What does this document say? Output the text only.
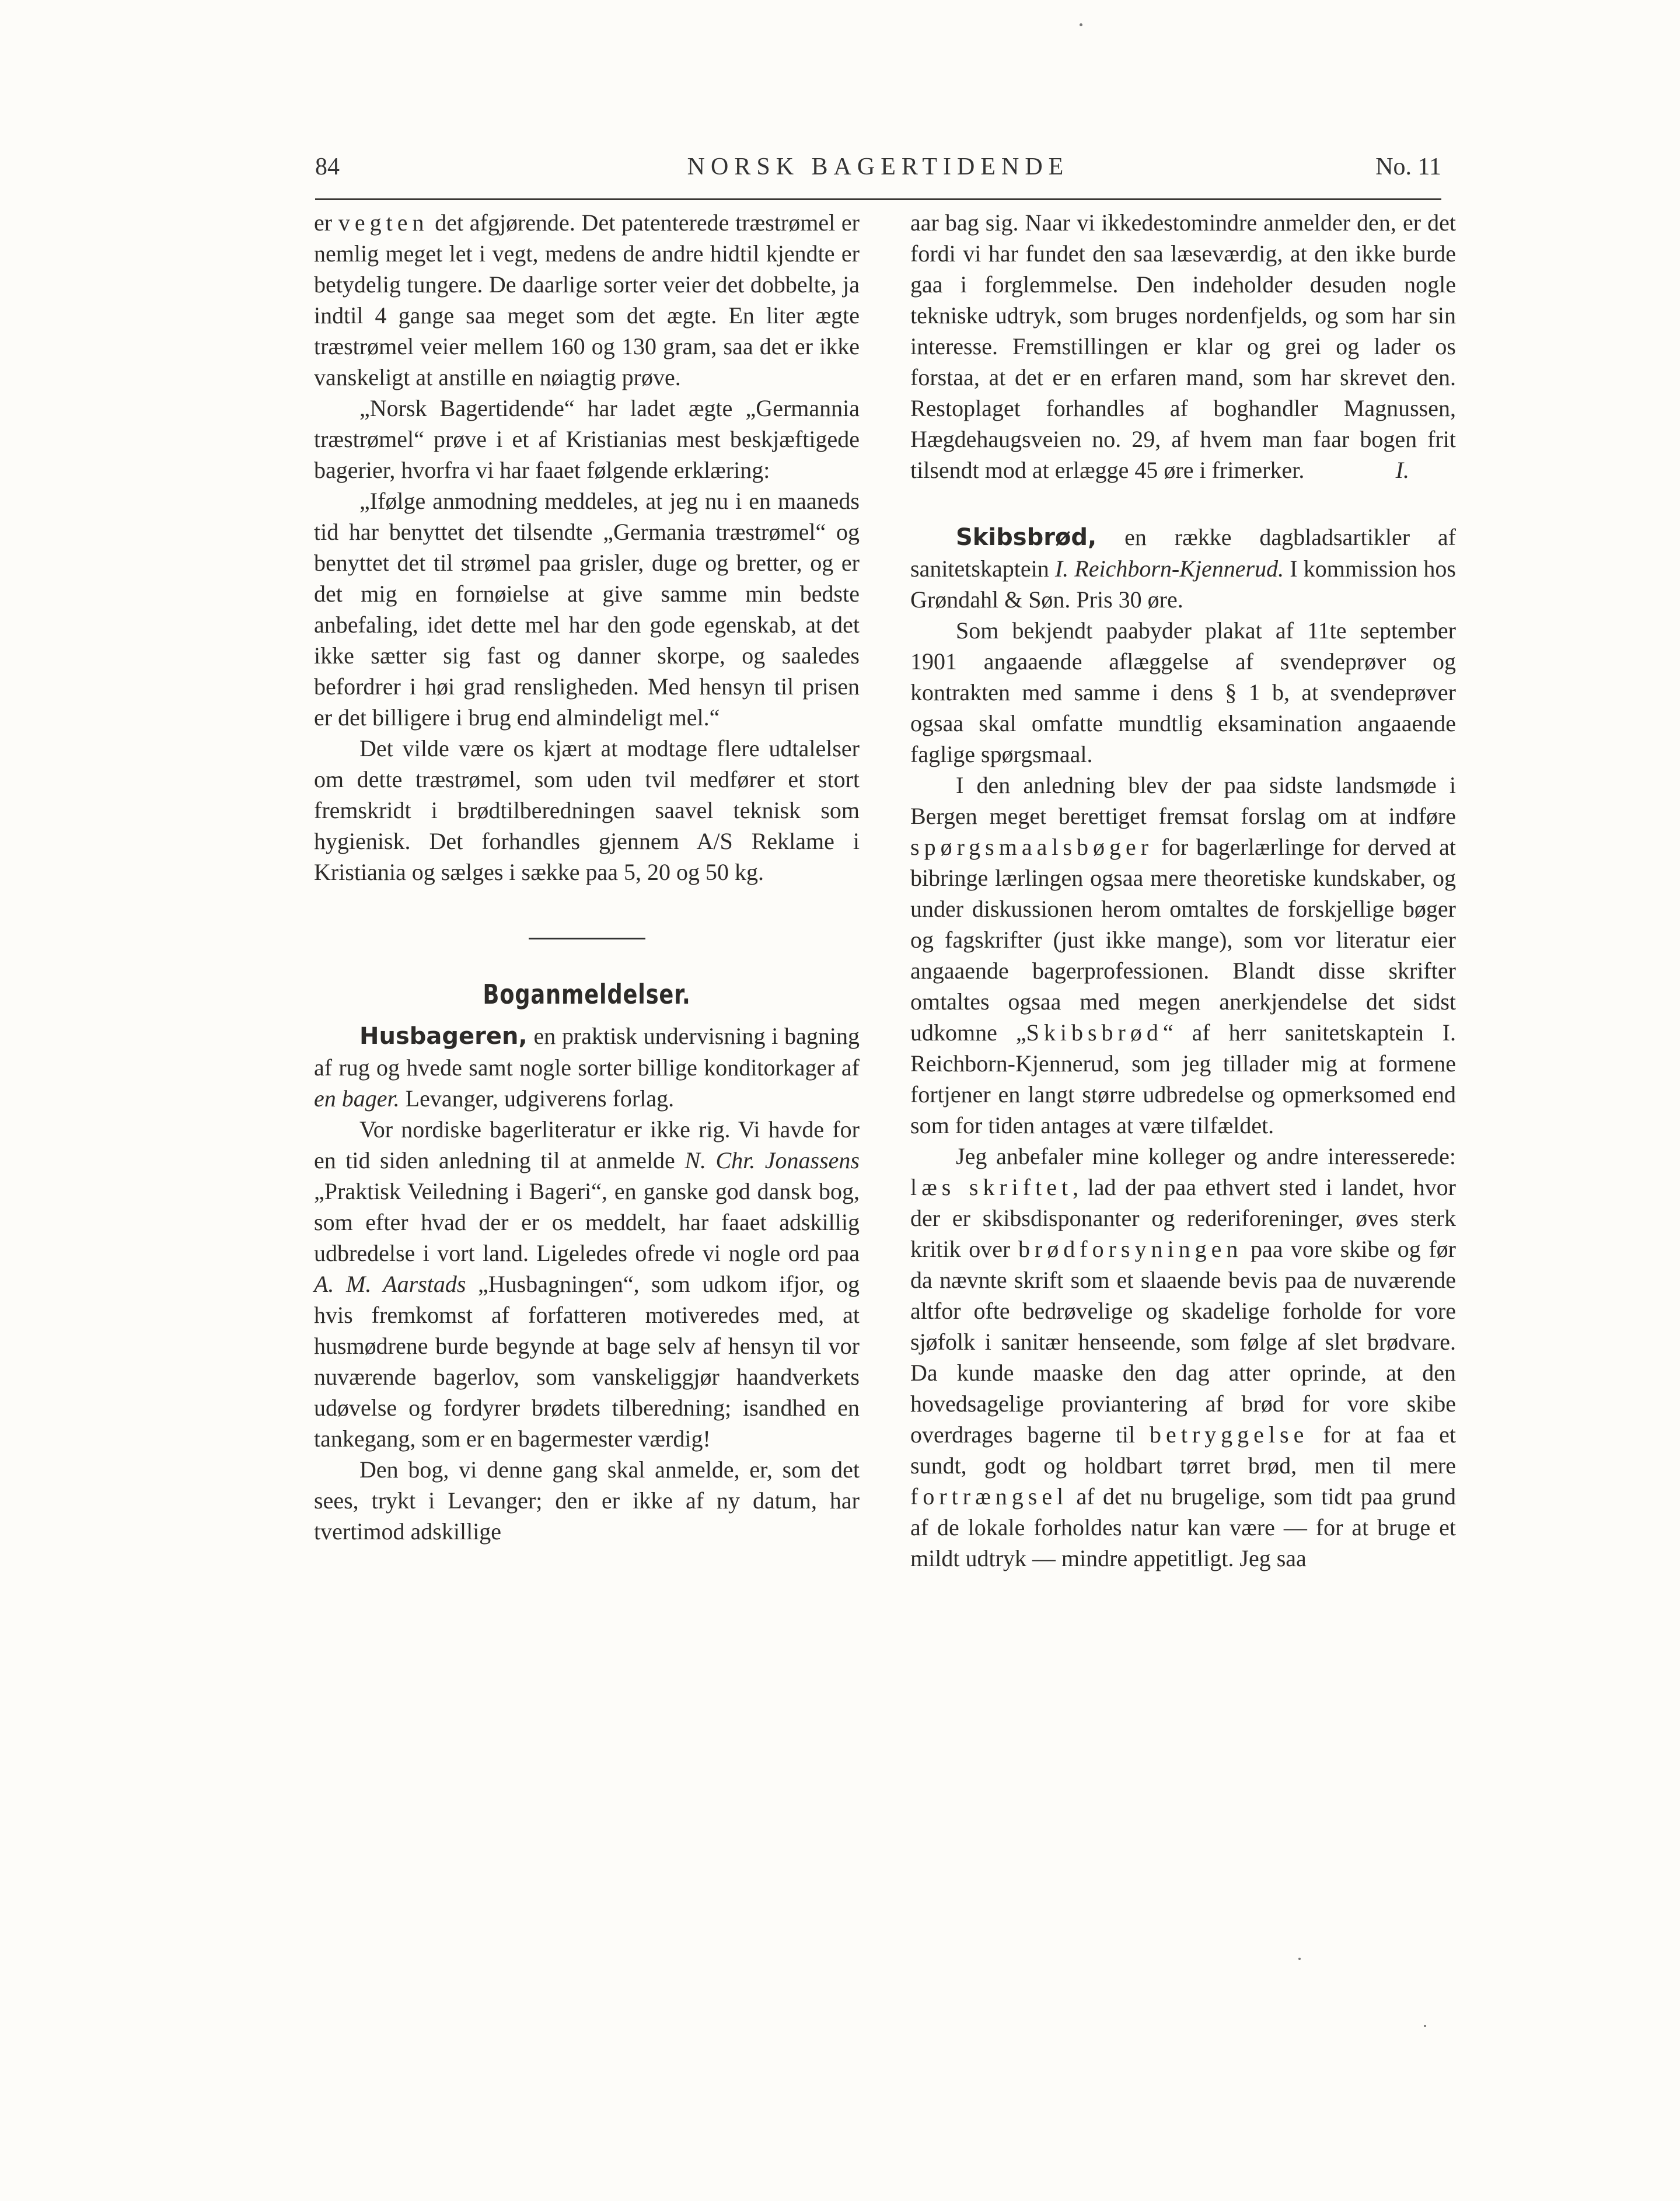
84	NORSK BAGERTIDENDE	No. 11

er vegten det afgjørende. Det patenterede træstrømel er nemlig meget let i vegt, medens de andre hidtil kjendte er betydelig tungere. De daarlige sorter veier det dobbelte, ja indtil 4 gange saa meget som det ægte. En liter ægte træstrømel veier mellem 160 og 130 gram, saa det er ikke vanskeligt at anstille en nøiagtig prøve.

„Norsk Bagertidende“ har ladet ægte „Germannia træstrømel“ prøve i et af Kristianias mest beskjæftigede bagerier, hvorfra vi har faaet følgende erklæring:

„Ifølge anmodning meddeles, at jeg nu i en maaneds tid har benyttet det tilsendte „Germania træstrømel“ og benyttet det til strømel paa grisler, duge og bretter, og er det mig en fornøielse at give samme min bedste anbefaling, idet dette mel har den gode egenskab, at det ikke sætter sig fast og danner skorpe, og saaledes befordrer i høi grad rensligheden. Med hensyn til prisen er det billigere i brug end almindeligt mel.“

Det vilde være os kjært at modtage flere udtalelser om dette træstrømel, som uden tvil medfører et stort fremskridt i brødtilberedningen saavel teknisk som hygienisk. Det forhandles gjennem A/S Reklame i Kristiania og sælges i sække paa 5, 20 og 50 kg.

Boganmeldelser.

Husbageren, en praktisk undervisning i bagning af rug og hvede samt nogle sorter billige konditorkager af en bager. Levanger, udgiverens forlag.

Vor nordiske bagerliteratur er ikke rig. Vi havde for en tid siden anledning til at anmelde N. Chr. Jonassens „Praktisk Veiledning i Bageri“, en ganske god dansk bog, som efter hvad der er os meddelt, har faaet adskillig udbredelse i vort land. Ligeledes ofrede vi nogle ord paa A. M. Aarstads „Husbagningen“, som udkom ifjor, og hvis fremkomst af forfatteren motiveredes med, at husmødrene burde begynde at bage selv af hensyn til vor nuværende bagerlov, som vanskeliggjør haandverkets udøvelse og fordyrer brødets tilberedning; isandhed en tankegang, som er en bagermester værdig!

Den bog, vi denne gang skal anmelde, er, som det sees, trykt i Levanger; den er ikke af ny datum, har tvertimod adskillige

aar bag sig. Naar vi ikkedestomindre anmelder den, er det fordi vi har fundet den saa læseværdig, at den ikke burde gaa i forglemmelse. Den indeholder desuden nogle tekniske udtryk, som bruges nordenfjelds, og som har sin interesse. Fremstillingen er klar og grei og lader os forstaa, at det er en erfaren mand, som har skrevet den. Restoplaget forhandles af boghandler Magnussen, Hægdehaugsveien no. 29, af hvem man faar bogen frit tilsendt mod at erlægge 45 øre i frimerker.	I.

Skibsbrød, en række dagbladsartikler af sanitetskaptein I. Reichborn-Kjennerud. I kommission hos Grøndahl & Søn. Pris 30 øre.

Som bekjendt paabyder plakat af 11te september 1901 angaaende aflæggelse af svendeprøver og kontrakten med samme i dens § 1 b, at svendeprøver ogsaa skal omfatte mundtlig eksamination angaaende faglige spørgsmaal.

I den anledning blev der paa sidste landsmøde i Bergen meget berettiget fremsat forslag om at indføre spørgsmaalsbøger for bagerlærlinge for derved at bibringe lærlingen ogsaa mere theoretiske kundskaber, og under diskussionen herom omtaltes de forskjellige bøger og fagskrifter (just ikke mange), som vor literatur eier angaaende bagerprofessionen. Blandt disse skrifter omtaltes ogsaa med megen anerkjendelse det sidst udkomne „Skibsbrød“ af herr sanitetskaptein I. Reichborn-Kjennerud, som jeg tillader mig at formene fortjener en langt større udbredelse og opmerksomed end som for tiden antages at være tilfældet.

Jeg anbefaler mine kolleger og andre interesserede: læs skriftet, lad der paa ethvert sted i landet, hvor der er skibsdisponanter og rederiforeninger, øves sterk kritik over brødforsyningen paa vore skibe og før da nævnte skrift som et slaaende bevis paa de nuværende altfor ofte bedrøvelige og skadelige forholde for vore sjøfolk i sanitær henseende, som følge af slet brødvare. Da kunde maaske den dag atter oprinde, at den hovedsagelige proviantering af brød for vore skibe overdrages bagerne til betryggelse for at faa et sundt, godt og holdbart tørret brød, men til mere fortrængsel af det nu brugelige, som tidt paa grund af de lokale forholdes natur kan være — for at bruge et mildt udtryk — mindre appetitligt. Jeg saa
